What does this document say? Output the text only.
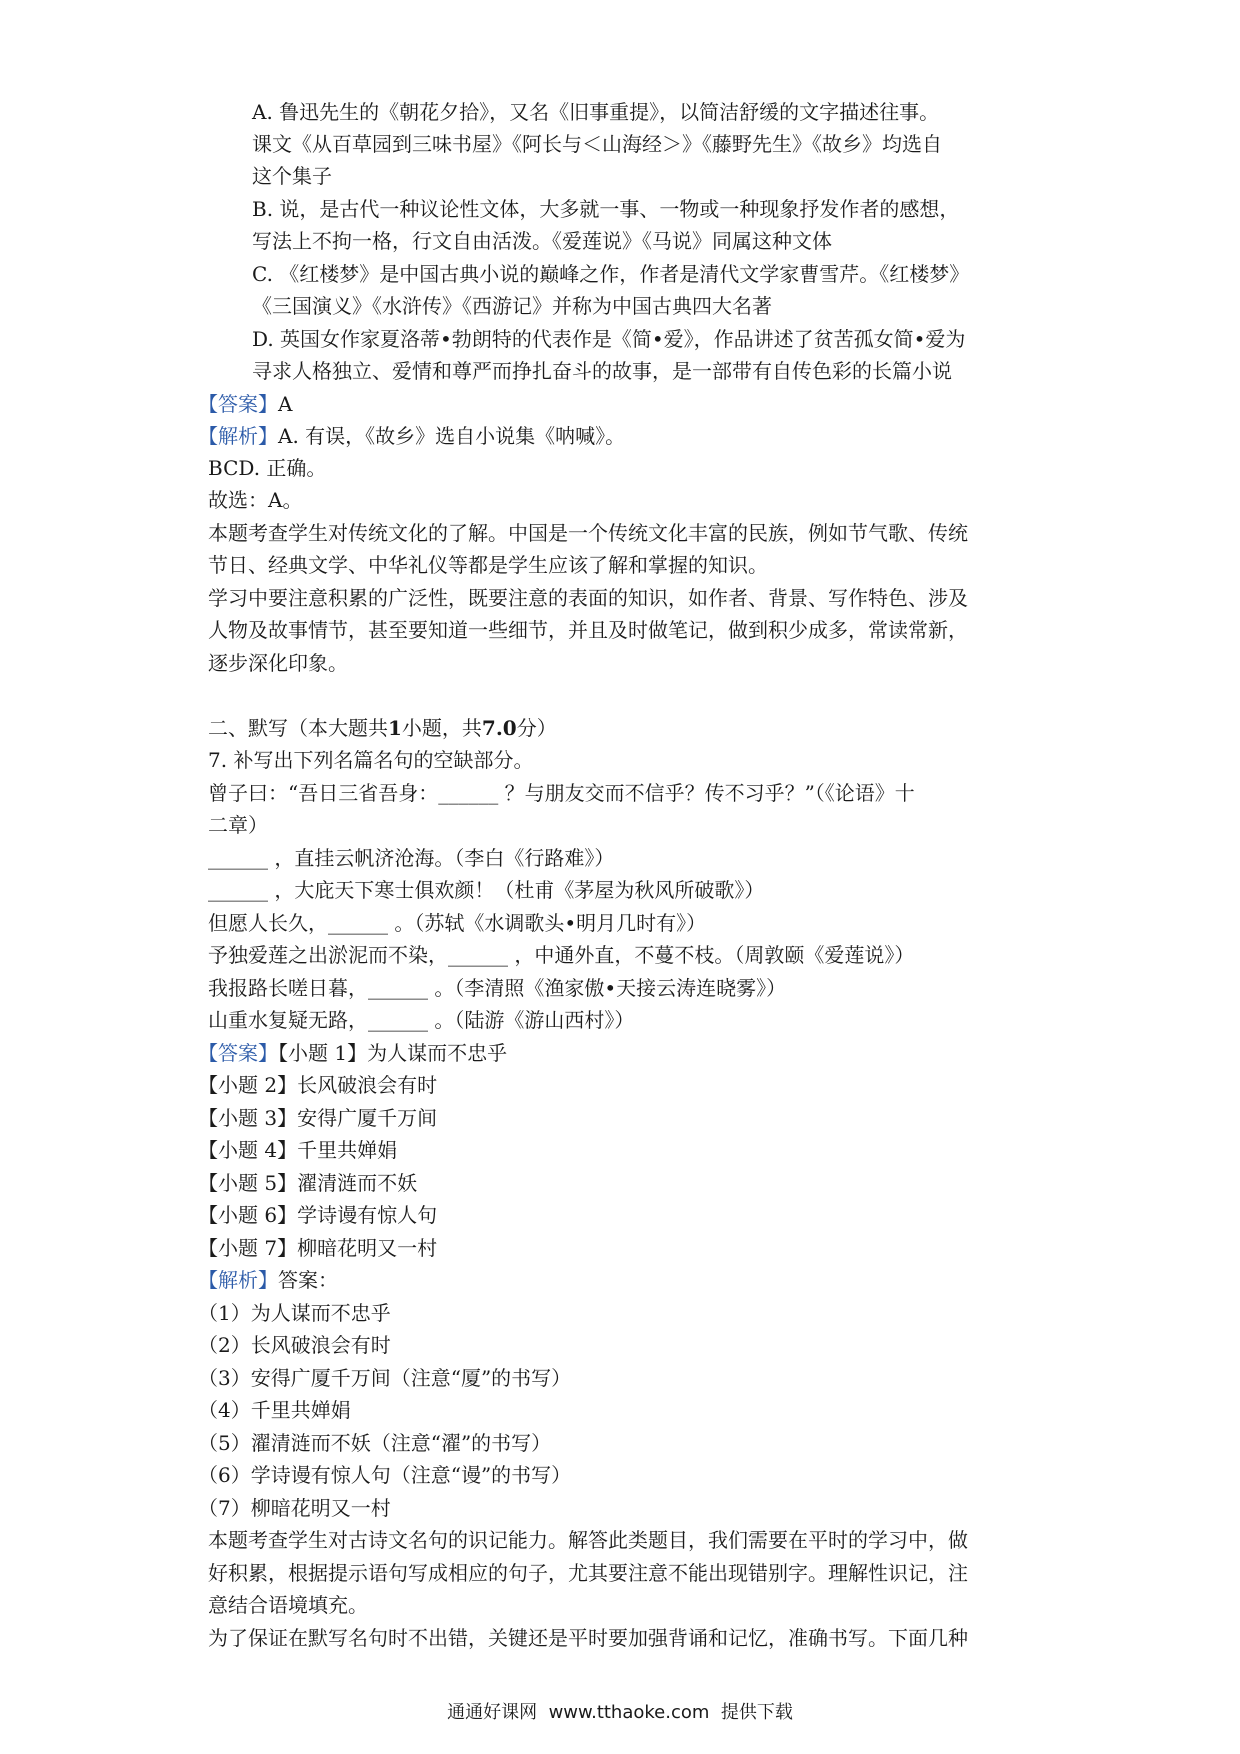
A. 鲁迅先生的《朝花夕拾》，又名《旧事重提》，以简洁舒缓的文字描述往事。
课文《从百草园到三味书屋》《阿长与＜山海经＞》《藤野先生》《故乡》均选自
这个集子
B. 说，是古代一种议论性文体，大多就一事、一物或一种现象抒发作者的感想，
写法上不拘一格，行文自由活泼。《爱莲说》《马说》同属这种文体
C. 《红楼梦》是中国古典小说的巅峰之作，作者是清代文学家曹雪芹。《红楼梦》
《三国演义》《水浒传》《西游记》并称为中国古典四大名著
D. 英国女作家夏洛蒂•勃朗特的代表作是《简•爱》，作品讲述了贫苦孤女简•爱为
寻求人格独立、爱情和尊严而挣扎奋斗的故事，是一部带有自传色彩的长篇小说
【答案】A
【解析】A. 有误，《故乡》选自小说集《呐喊》。
BCD. 正确。
故选：A。
本题考查学生对传统文化的了解。中国是一个传统文化丰富的民族，例如节气歌、传统
节日、经典文学、中华礼仪等都是学生应该了解和掌握的知识。
学习中要注意积累的广泛性，既要注意的表面的知识，如作者、背景、写作特色、涉及
人物及故事情节，甚至要知道一些细节，并且及时做笔记，做到积少成多，常读常新，
逐步深化印象。
二、默写（本大题共1小题，共7.0分）
7. 补写出下列名篇名句的空缺部分。
曾子曰：“吾日三省吾身：______ ？与朋友交而不信乎？传不习乎？”（《论语》十
二章）
______ ，直挂云帆济沧海。（李白《行路难》）
______ ，大庇天下寒士俱欢颜！（杜甫《茅屋为秋风所破歌》）
但愿人长久，______ 。（苏轼《水调歌头•明月几时有》）
予独爱莲之出淤泥而不染，______ ，中通外直，不蔓不枝。（周敦颐《爱莲说》）
我报路长嗟日暮，______ 。（李清照《渔家傲•天接云涛连晓雾》）
山重水复疑无路，______ 。（陆游《游山西村》）
【答案】【小题 1】为人谋而不忠乎
【小题 2】长风破浪会有时
【小题 3】安得广厦千万间
【小题 4】千里共婵娟
【小题 5】濯清涟而不妖
【小题 6】学诗谩有惊人句
【小题 7】柳暗花明又一村
【解析】答案：
（1）为人谋而不忠乎
（2）长风破浪会有时
（3）安得广厦千万间（注意“厦”的书写）
（4）千里共婵娟
（5）濯清涟而不妖（注意“濯”的书写）
（6）学诗谩有惊人句（注意“谩”的书写）
（7）柳暗花明又一村
本题考查学生对古诗文名句的识记能力。解答此类题目，我们需要在平时的学习中，做
好积累，根据提示语句写成相应的句子，尤其要注意不能出现错别字。理解性识记，注
意结合语境填充。
为了保证在默写名句时不出错，关键还是平时要加强背诵和记忆，准确书写。下面几种
通通好课网 www.tthaoke.com 提供下载
